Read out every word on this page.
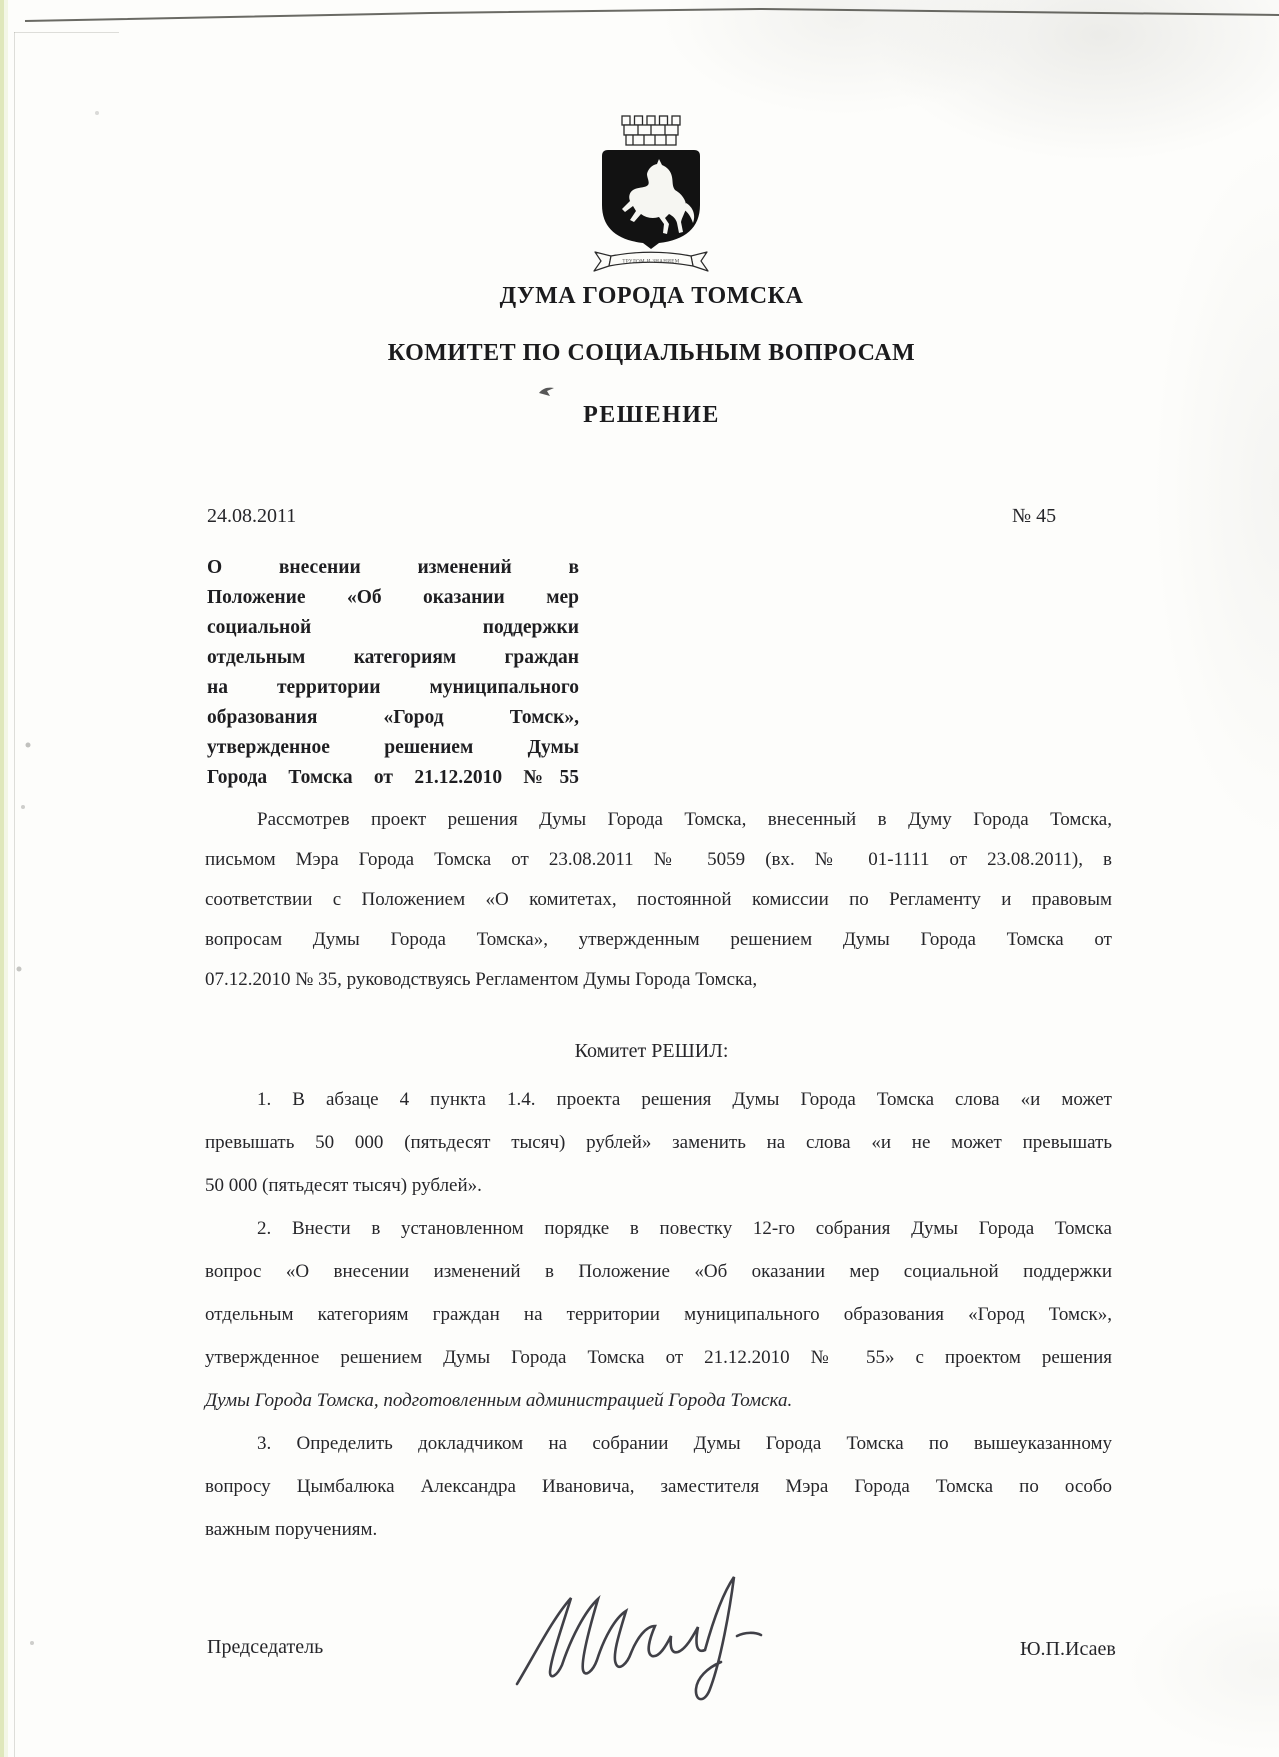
ТРУДОМ И ЗНАНИЕМ
ДУМА ГОРОДА ТОМСКА
КОМИТЕТ ПО СОЦИАЛЬНЫМ ВОПРОСАМ
РЕШЕНИЕ
24.08.2011	№ 45
О внесении изменений в
Положение «Об оказании мер
социальной поддержки
отдельным категориям граждан
на территории муниципального
образования «Город Томск»,
утвержденное решением Думы
Города Томска от 21.12.2010 №55
Рассмотрев проект решения Думы Города Томска, внесенный в Думу Города Томска,
письмом Мэра Города Томска от 23.08.2011 № 5059 (вх. № 01-1111 от 23.08.2011), в
соответствии с Положением «О комитетах, постоянной комиссии по Регламенту и правовым
вопросам Думы Города Томска», утвержденным решением Думы Города Томска от
07.12.2010 № 35, руководствуясь Регламентом Думы Города Томска,
Комитет РЕШИЛ:
1. В абзаце 4 пункта 1.4. проекта решения Думы Города Томска слова «и может
превышать 50 000 (пятьдесят тысяч) рублей» заменить на слова «и не может превышать
50 000 (пятьдесят тысяч) рублей».
2. Внести в установленном порядке в повестку 12-го собрания Думы Города Томска
вопрос «О внесении изменений в Положение «Об оказании мер социальной поддержки
отдельным категориям граждан на территории муниципального образования «Город Томск»,
утвержденное решением Думы Города Томска от 21.12.2010 № 55» с проектом решения
Думы Города Томска, подготовленным администрацией Города Томска.
3. Определить докладчиком на собрании Думы Города Томска по вышеуказанному
вопросу Цымбалюка Александра Ивановича, заместителя Мэра Города Томска по особо
важным поручениям.
Председатель	Ю.П.Исаев
